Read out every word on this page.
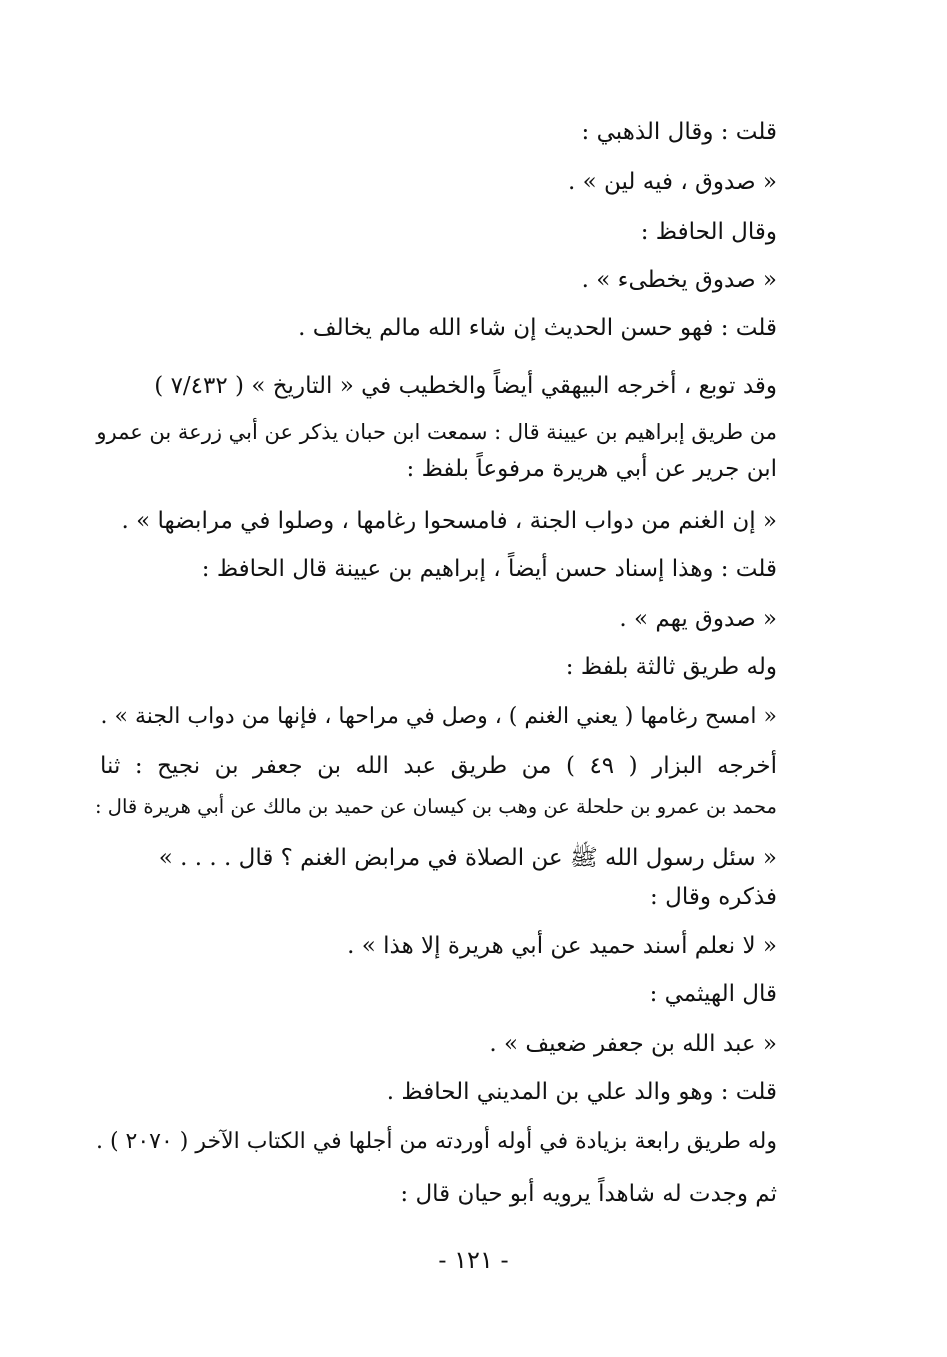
قلت : وقال الذهبي :
« صدوق ، فيه لين » .
وقال الحافظ :
« صدوق يخطىء » .
قلت : فهو حسن الحديث إن شاء الله مالم يخالف .
وقد توبع ، أخرجه البيهقي أيضاً والخطيب في « التاريخ » ( ٧/٤٣٢ )
من طريق إبراهيم بن عيينة قال : سمعت ابن حبان يذكر عن أبي زرعة بن عمرو
ابن جرير عن أبي هريرة مرفوعاً بلفظ :
« إن الغنم من دواب الجنة ، فامسحوا رغامها ، وصلوا في مرابضها » .
قلت : وهذا إسناد حسن أيضاً ، إبراهيم بن عيينة قال الحافظ :
« صدوق يهم » .
وله طريق ثالثة بلفظ :
« امسح رغامها ( يعني الغنم ) ، وصل في مراحها ، فإنها من دواب الجنة » .
أخرجه البزار ( ٤٩ ) من طريق عبد الله بن جعفر بن نجيح : ثنا
محمد بن عمرو بن حلحلة عن وهب بن كيسان عن حميد بن مالك عن أبي هريرة قال :
« سئل رسول الله ﷺ عن الصلاة في مرابض الغنم ؟ قال . . . . »
فذكره وقال :
« لا نعلم أسند حميد عن أبي هريرة إلا هذا » .
قال الهيثمي :
« عبد الله بن جعفر ضعيف » .
قلت : وهو والد علي بن المديني الحافظ .
وله طريق رابعة بزيادة في أوله أوردته من أجلها في الكتاب الآخر ( ٢٠٧٠ ) .
ثم وجدت له شاهداً يرويه أبو حيان قال :
- ١٢١ -
